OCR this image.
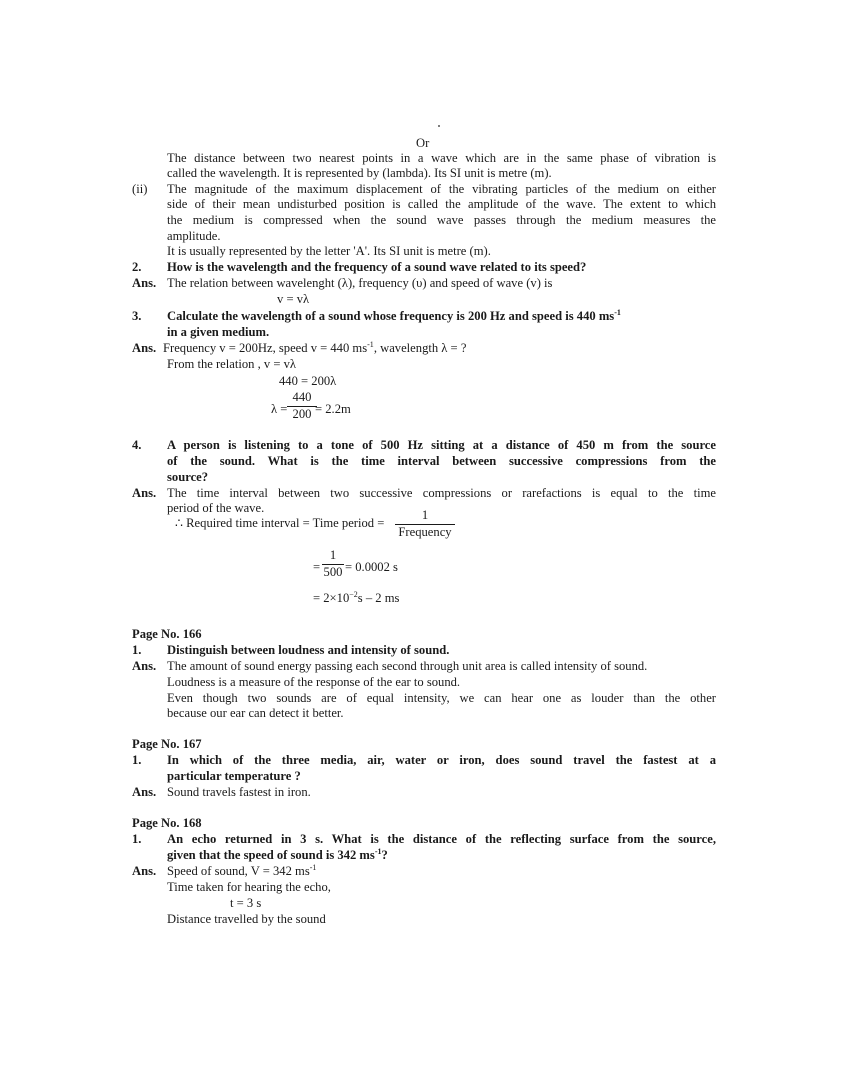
Or
The distance between two nearest points in a wave which are in the same phase of vibration is
called the wavelength. It is represented by (lambda). Its SI unit is metre (m).
(ii) The magnitude of the maximum displacement of the vibrating particles of the medium on either
side of their mean undisturbed position is called the amplitude of the wave. The extent to which
the medium is compressed when the sound wave passes through the medium measures the
amplitude.
It is usually represented by the letter 'A'. Its SI unit is metre (m).
2. How is the wavelength and the frequency of a sound wave related to its speed?
Ans. The relation between wavelenght (λ), frequency (υ) and speed of wave (v) is
v = vλ
3. Calculate the wavelength of a sound whose frequency is 200 Hz and speed is 440 $ms^{-1}$
in a given medium.
Ans. Frequency v = 200Hz, speed v = 440 $ms^{-1}$, wavelength λ = ?
From the relation , v = vλ
440 = 200λ
λ =
440
200 = 2.2m
4. A person is listening to a tone of 500 Hz sitting at a distance of 450 m from the source
of the sound. What is the time interval between successive compressions from the
source?
Ans. The time interval between two successive compressions or rarefactions is equal to the time
period of the wave.
∴ Required time interval = Time period =
1
Frequency
=
1
500 = 0.0002 s
= $2\times 10^{-2}s - 2$ ms
Page No. 166
1. Distinguish between loudness and intensity of sound.
Ans. The amount of sound energy passing each second through unit area is called intensity of sound.
Loudness is a measure of the response of the ear to sound.
Even though two sounds are of equal intensity, we can hear one as louder than the other
because our ear can detect it better.
Page No. 167
1. In which of the three media, air, water or iron, does sound travel the fastest at a
particular temperature ?
Ans. Sound travels fastest in iron.
Page No. 168
1. An echo returned in 3 s. What is the distance of the reflecting surface from the source,
given that the speed of sound is 342 $ms^{-1}$?
Ans. Speed of sound, V = 342 $ms^{-1}$
Time taken for hearing the echo,
t = 3 s
Distance travelled by the sound
